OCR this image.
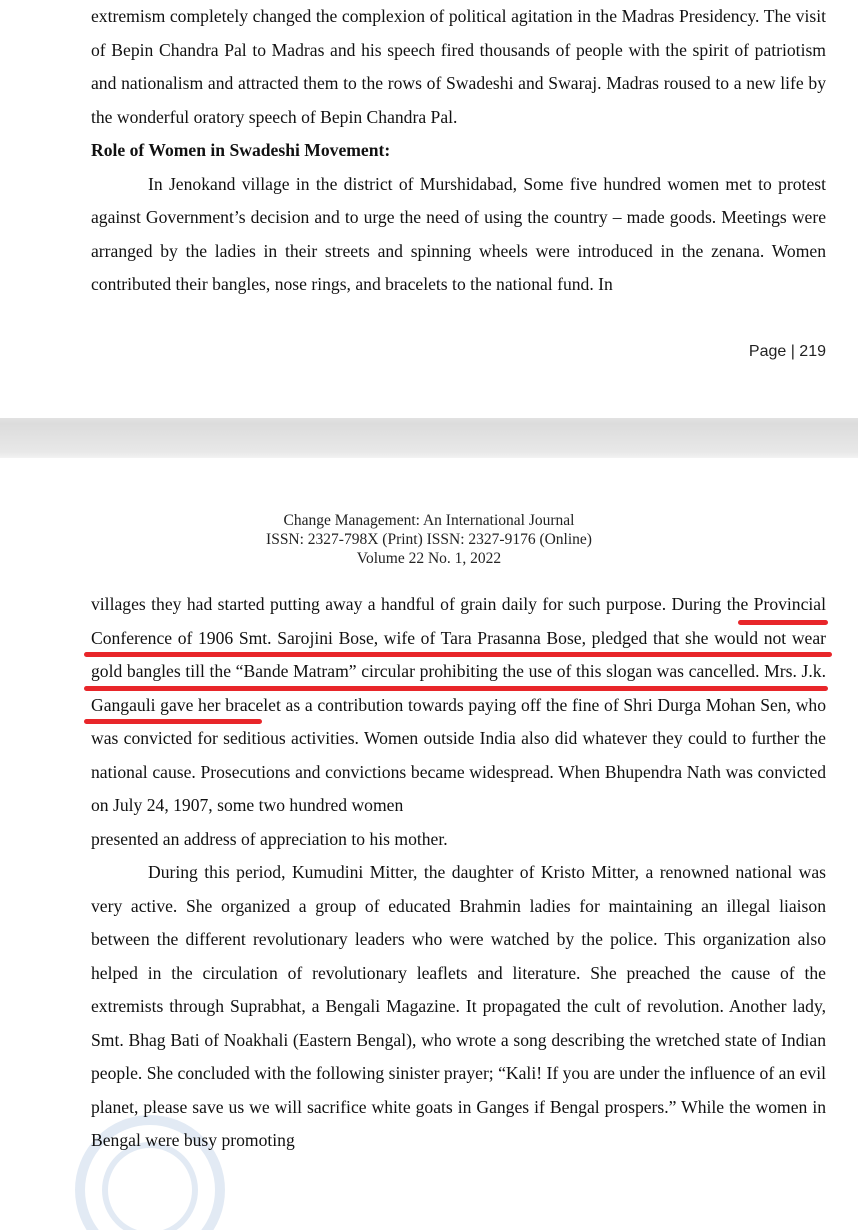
extremism completely changed the complexion of political agitation in the Madras Presidency. The visit of Bepin Chandra Pal to Madras and his speech fired thousands of people with the spirit of patriotism and nationalism and attracted them to the rows of Swadeshi and Swaraj. Madras roused to a new life by the wonderful oratory speech of Bepin Chandra Pal.

Role of Women in Swadeshi Movement:

In Jenokand village in the district of Murshidabad, Some five hundred women met to protest against Government’s decision and to urge the need of using the country – made goods. Meetings were arranged by the ladies in their streets and spinning wheels were introduced in the zenana. Women contributed their bangles, nose rings, and bracelets to the national fund. In

Page | 219
Change Management: An International Journal
ISSN: 2327-798X (Print) ISSN: 2327-9176 (Online)
Volume 22 No. 1, 2022

villages they had started putting away a handful of grain daily for such purpose. During the Provincial Conference of 1906 Smt. Sarojini Bose, wife of Tara Prasanna Bose, pledged that she would not wear gold bangles till the “Bande Matram” circular prohibiting the use of this slogan was cancelled. Mrs. J.k. Gangauli gave her bracelet as a contribution towards paying off the fine of Shri Durga Mohan Sen, who was convicted for seditious activities. Women outside India also did whatever they could to further the national cause. Prosecutions and convictions became widespread. When Bhupendra Nath was convicted on July 24, 1907, some two hundred women

presented an address of appreciation to his mother.

During this period, Kumudini Mitter, the daughter of Kristo Mitter, a renowned national was very active. She organized a group of educated Brahmin ladies for maintaining an illegal liaison between the different revolutionary leaders who were watched by the police. This organization also helped in the circulation of revolutionary leaflets and literature. She preached the cause of the extremists through Suprabhat, a Bengali Magazine. It propagated the cult of revolution. Another lady, Smt. Bhag Bati of Noakhali (Eastern Bengal), who wrote a song describing the wretched state of Indian people. She concluded with the following sinister prayer; “Kali! If you are under the influence of an evil planet, please save us we will sacrifice white goats in Ganges if Bengal prospers.” While the women in Bengal were busy promoting
